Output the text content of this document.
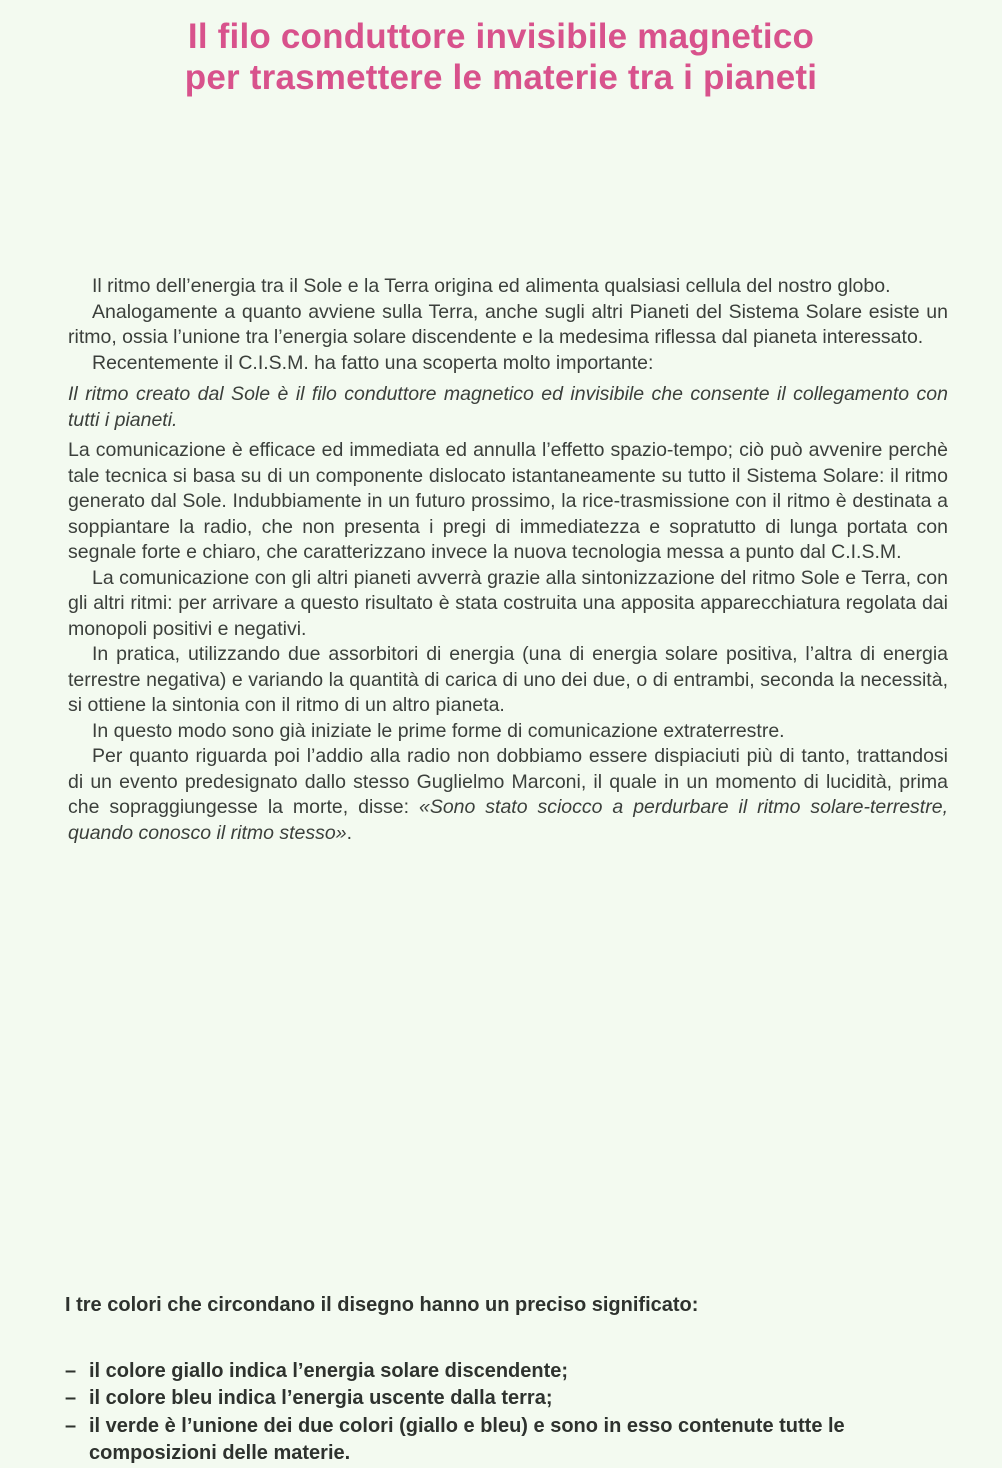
Il filo conduttore invisibile magnetico
per trasmettere le materie tra i pianeti

Il ritmo dell’energia tra il Sole e la Terra origina ed alimenta qualsiasi cellula del nostro globo.

Analogamente a quanto avviene sulla Terra, anche sugli altri Pianeti del Sistema Solare esiste un ritmo, ossia l’unione tra l’energia solare discendente e la medesima riflessa dal pianeta interessato.

Recentemente il C.I.S.M. ha fatto una scoperta molto importante:

Il ritmo creato dal Sole è il filo conduttore magnetico ed invisibile che consente il collegamento con tutti i pianeti.

La comunicazione è efficace ed immediata ed annulla l’effetto spazio-tempo; ciò può avvenire perchè tale tecnica si basa su di un componente dislocato istantaneamente su tutto il Sistema Solare: il ritmo generato dal Sole. Indubbiamente in un futuro prossimo, la rice-trasmissione con il ritmo è destinata a soppiantare la radio, che non presenta i pregi di immediatezza e sopratutto di lunga portata con segnale forte e chiaro, che caratterizzano invece la nuova tecnologia messa a punto dal C.I.S.M.

La comunicazione con gli altri pianeti avverrà grazie alla sintonizzazione del ritmo Sole e Terra, con gli altri ritmi: per arrivare a questo risultato è stata costruita una apposita apparecchiatura regolata dai monopoli positivi e negativi.

In pratica, utilizzando due assorbitori di energia (una di energia solare positiva, l’altra di energia terrestre negativa) e variando la quantità di carica di uno dei due, o di entrambi, seconda la necessità, si ottiene la sintonia con il ritmo di un altro pianeta.

In questo modo sono già iniziate le prime forme di comunicazione extraterrestre.

Per quanto riguarda poi l’addio alla radio non dobbiamo essere dispiaciuti più di tanto, trattandosi di un evento predesignato dallo stesso Guglielmo Marconi, il quale in un momento di lucidità, prima che sopraggiungesse la morte, disse: «Sono stato sciocco a perdurbare il ritmo solare-terrestre, quando conosco il ritmo stesso».

I tre colori che circondano il disegno hanno un preciso significato:

– il colore giallo indica l’energia solare discendente;

– il colore bleu indica l’energia uscente dalla terra;

– il verde è l’unione dei due colori (giallo e bleu) e sono in esso contenute tutte le composizioni delle materie.
